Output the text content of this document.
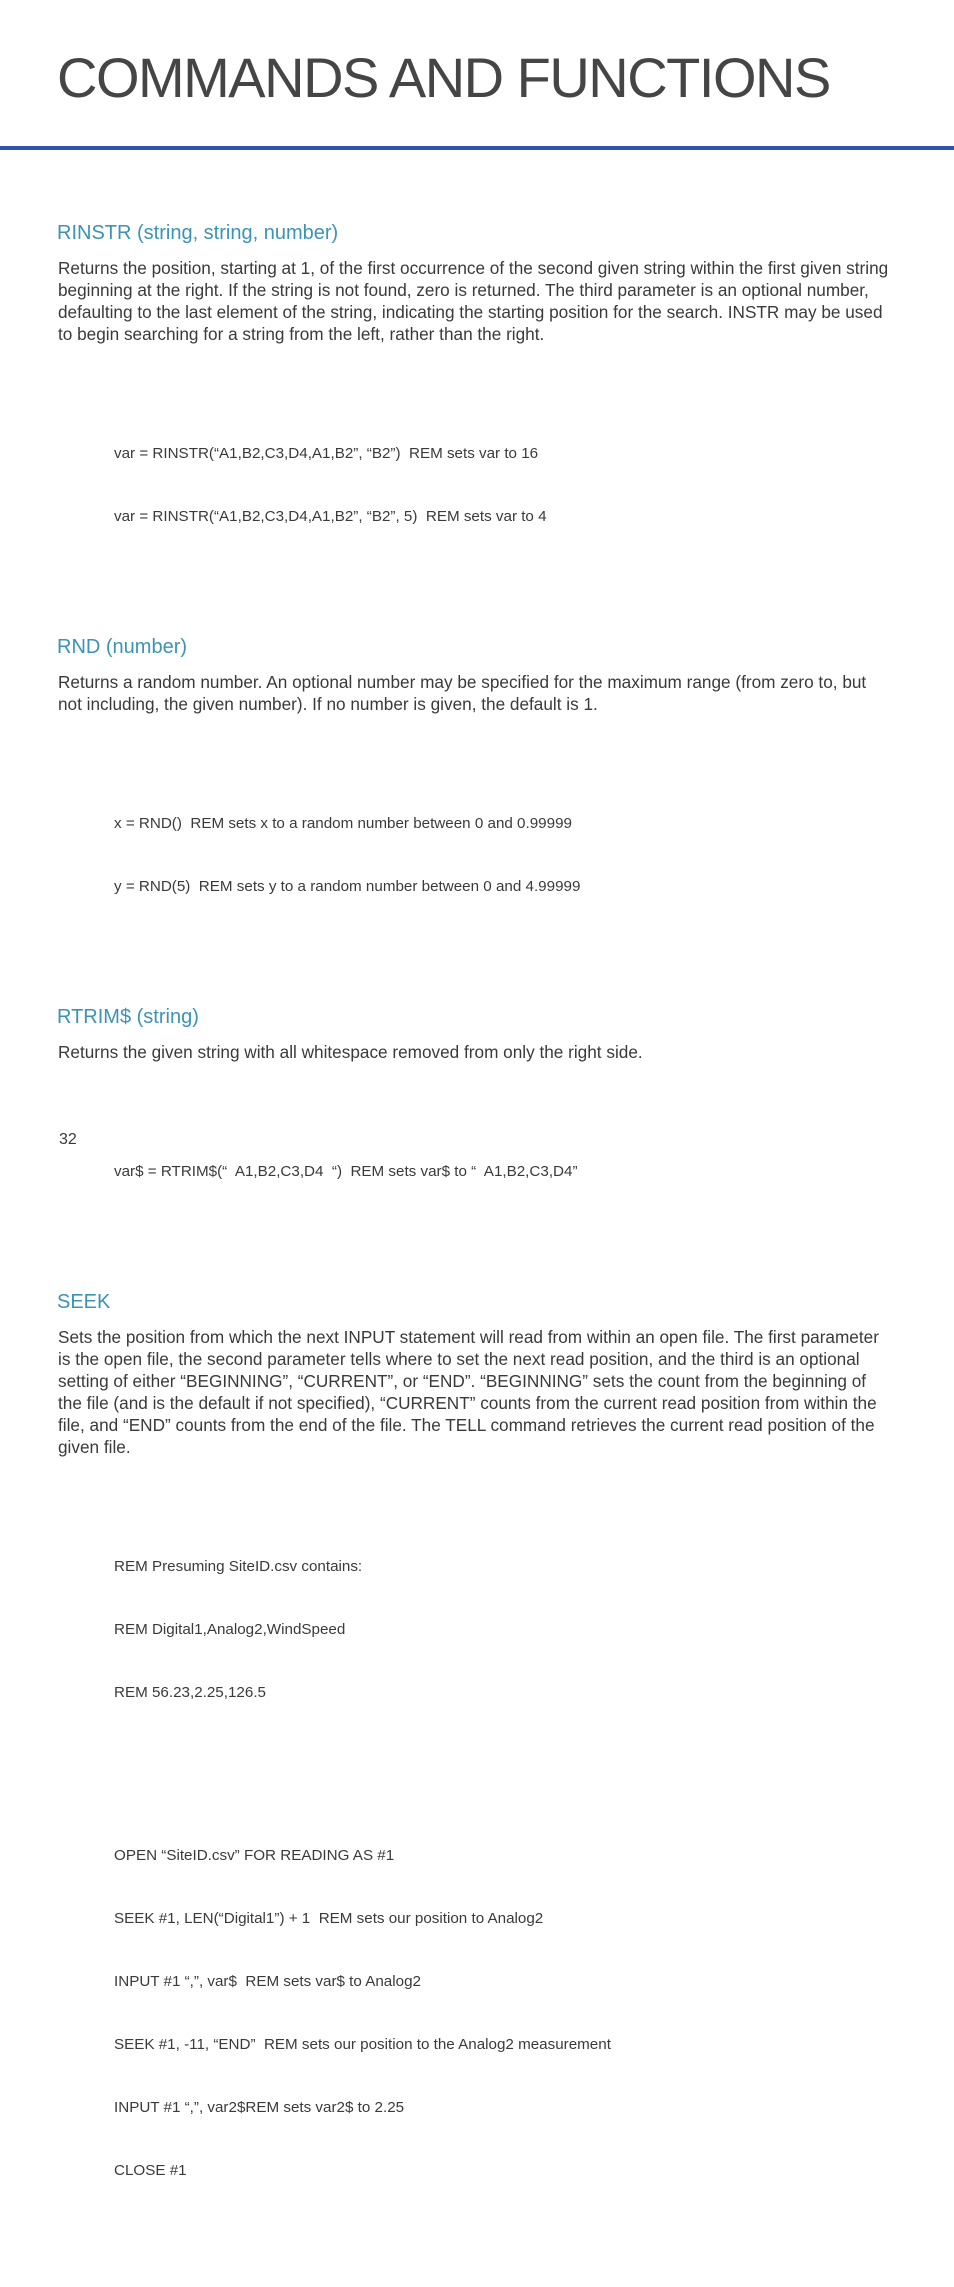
COMMANDS AND FUNCTIONS
RINSTR (string, string, number)

Returns the position, starting at 1, of the first occurrence of the second given string within the first given string beginning at the right. If the string is not found, zero is returned. The third parameter is an optional number, defaulting to the last element of the string, indicating the starting position for the search. INSTR may be used to begin searching for a string from the left, rather than the right.

var = RINSTR(“A1,B2,C3,D4,A1,B2”, “B2”)  REM sets var to 16

var = RINSTR(“A1,B2,C3,D4,A1,B2”, “B2”, 5)  REM sets var to 4

RND (number)

Returns a random number. An optional number may be specified for the maximum range (from zero to, but not including, the given number). If no number is given, the default is 1.

x = RND()  REM sets x to a random number between 0 and 0.99999

y = RND(5)  REM sets y to a random number between 0 and 4.99999

RTRIM$ (string)

Returns the given string with all whitespace removed from only the right side.

var$ = RTRIM$(“  A1,B2,C3,D4  “)  REM sets var$ to “  A1,B2,C3,D4”

SEEK

Sets the position from which the next INPUT statement will read from within an open file. The first parameter is the open file, the second parameter tells where to set the next read position, and the third is an optional setting of either “BEGINNING”, “CURRENT”, or “END”. “BEGINNING” sets the count from the beginning of the file (and is the default if not specified), “CURRENT” counts from the current read position from within the file, and “END” counts from the end of the file. The TELL command retrieves the current read position of the given file.

REM Presuming SiteID.csv contains:

REM Digital1,Analog2,WindSpeed

REM 56.23,2.25,126.5

OPEN “SiteID.csv” FOR READING AS #1

SEEK #1, LEN(“Digital1”) + 1  REM sets our position to Analog2

INPUT #1 “,”, var$  REM sets var$ to Analog2

SEEK #1, -11, “END”  REM sets our position to the Analog2 measurement

INPUT #1 “,”, var2$REM sets var2$ to 2.25

CLOSE #1

32
